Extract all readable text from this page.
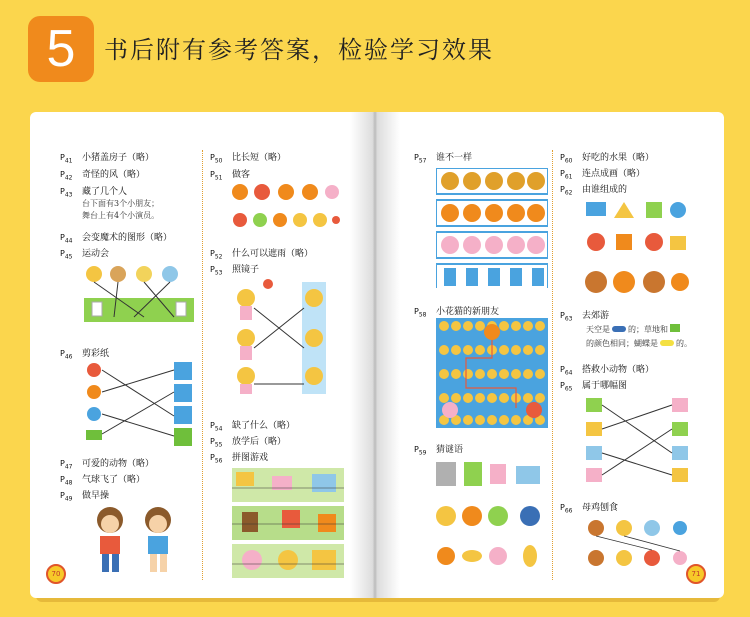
5	书后附有参考答案，检验学习效果
$P_{41}$ 小猪盖房子（略）
$P_{42}$ 奇怪的风（略）
$P_{43}$ 藏了几个人
台下面有3个小朋友；
舞台上有4个小演员。
$P_{44}$ 会变魔术的图形（略）
$P_{45}$ 运动会
$P_{46}$ 剪彩纸
$P_{47}$ 可爱的动物（略）
$P_{48}$ 气球飞了（略）
$P_{49}$ 做早操
$P_{50}$ 比长短（略）
$P_{51}$ 做客
$P_{52}$ 什么可以遮雨（略）
$P_{53}$ 照镜子
$P_{54}$ 缺了什么（略）
$P_{55}$ 放学后（略）
$P_{56}$ 拼图游戏
70
$P_{57}$ 谁不一样
$P_{58}$ 小花猫的新朋友
$P_{59}$ 猜谜语
$P_{60}$ 好吃的水果（略）
$P_{61}$ 连点成画（略）
$P_{62}$ 由谁组成的
$P_{63}$ 去郊游
天空是 的；草地和
的颜色相同；蝴蝶是 的。
$P_{64}$ 搭救小动物（略）
$P_{65}$ 属于哪幅图
$P_{66}$ 母鸡刨食
71
